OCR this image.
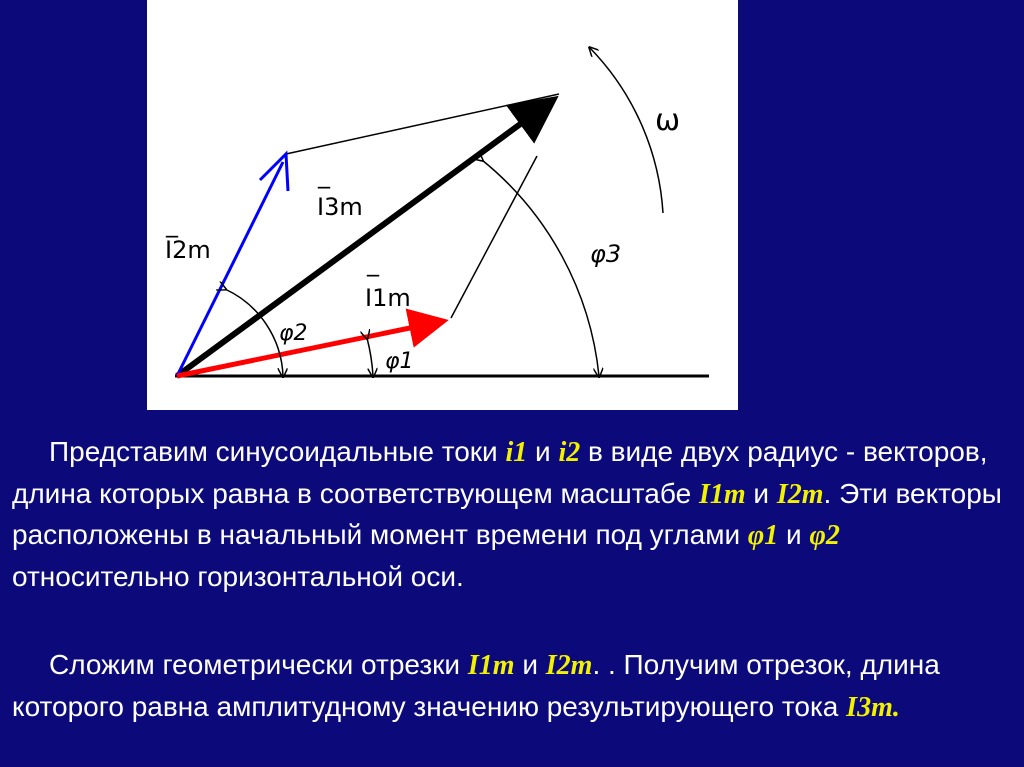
_
I2m
_
I3m
_
I1m
ω
φ2
φ1
φ3

Представим синусоидальные токи i1 и i2 в виде двух радиус - векторов, длина которых равна в соответствующем масштабе I1m и I2m. Эти векторы расположены в начальный момент времени под углами φ1 и φ2 относительно горизонтальной оси.

Сложим геометрически отрезки I1m и I2m. . Получим отрезок, длина которого равна амплитудному значению результирующего тока I3m.
